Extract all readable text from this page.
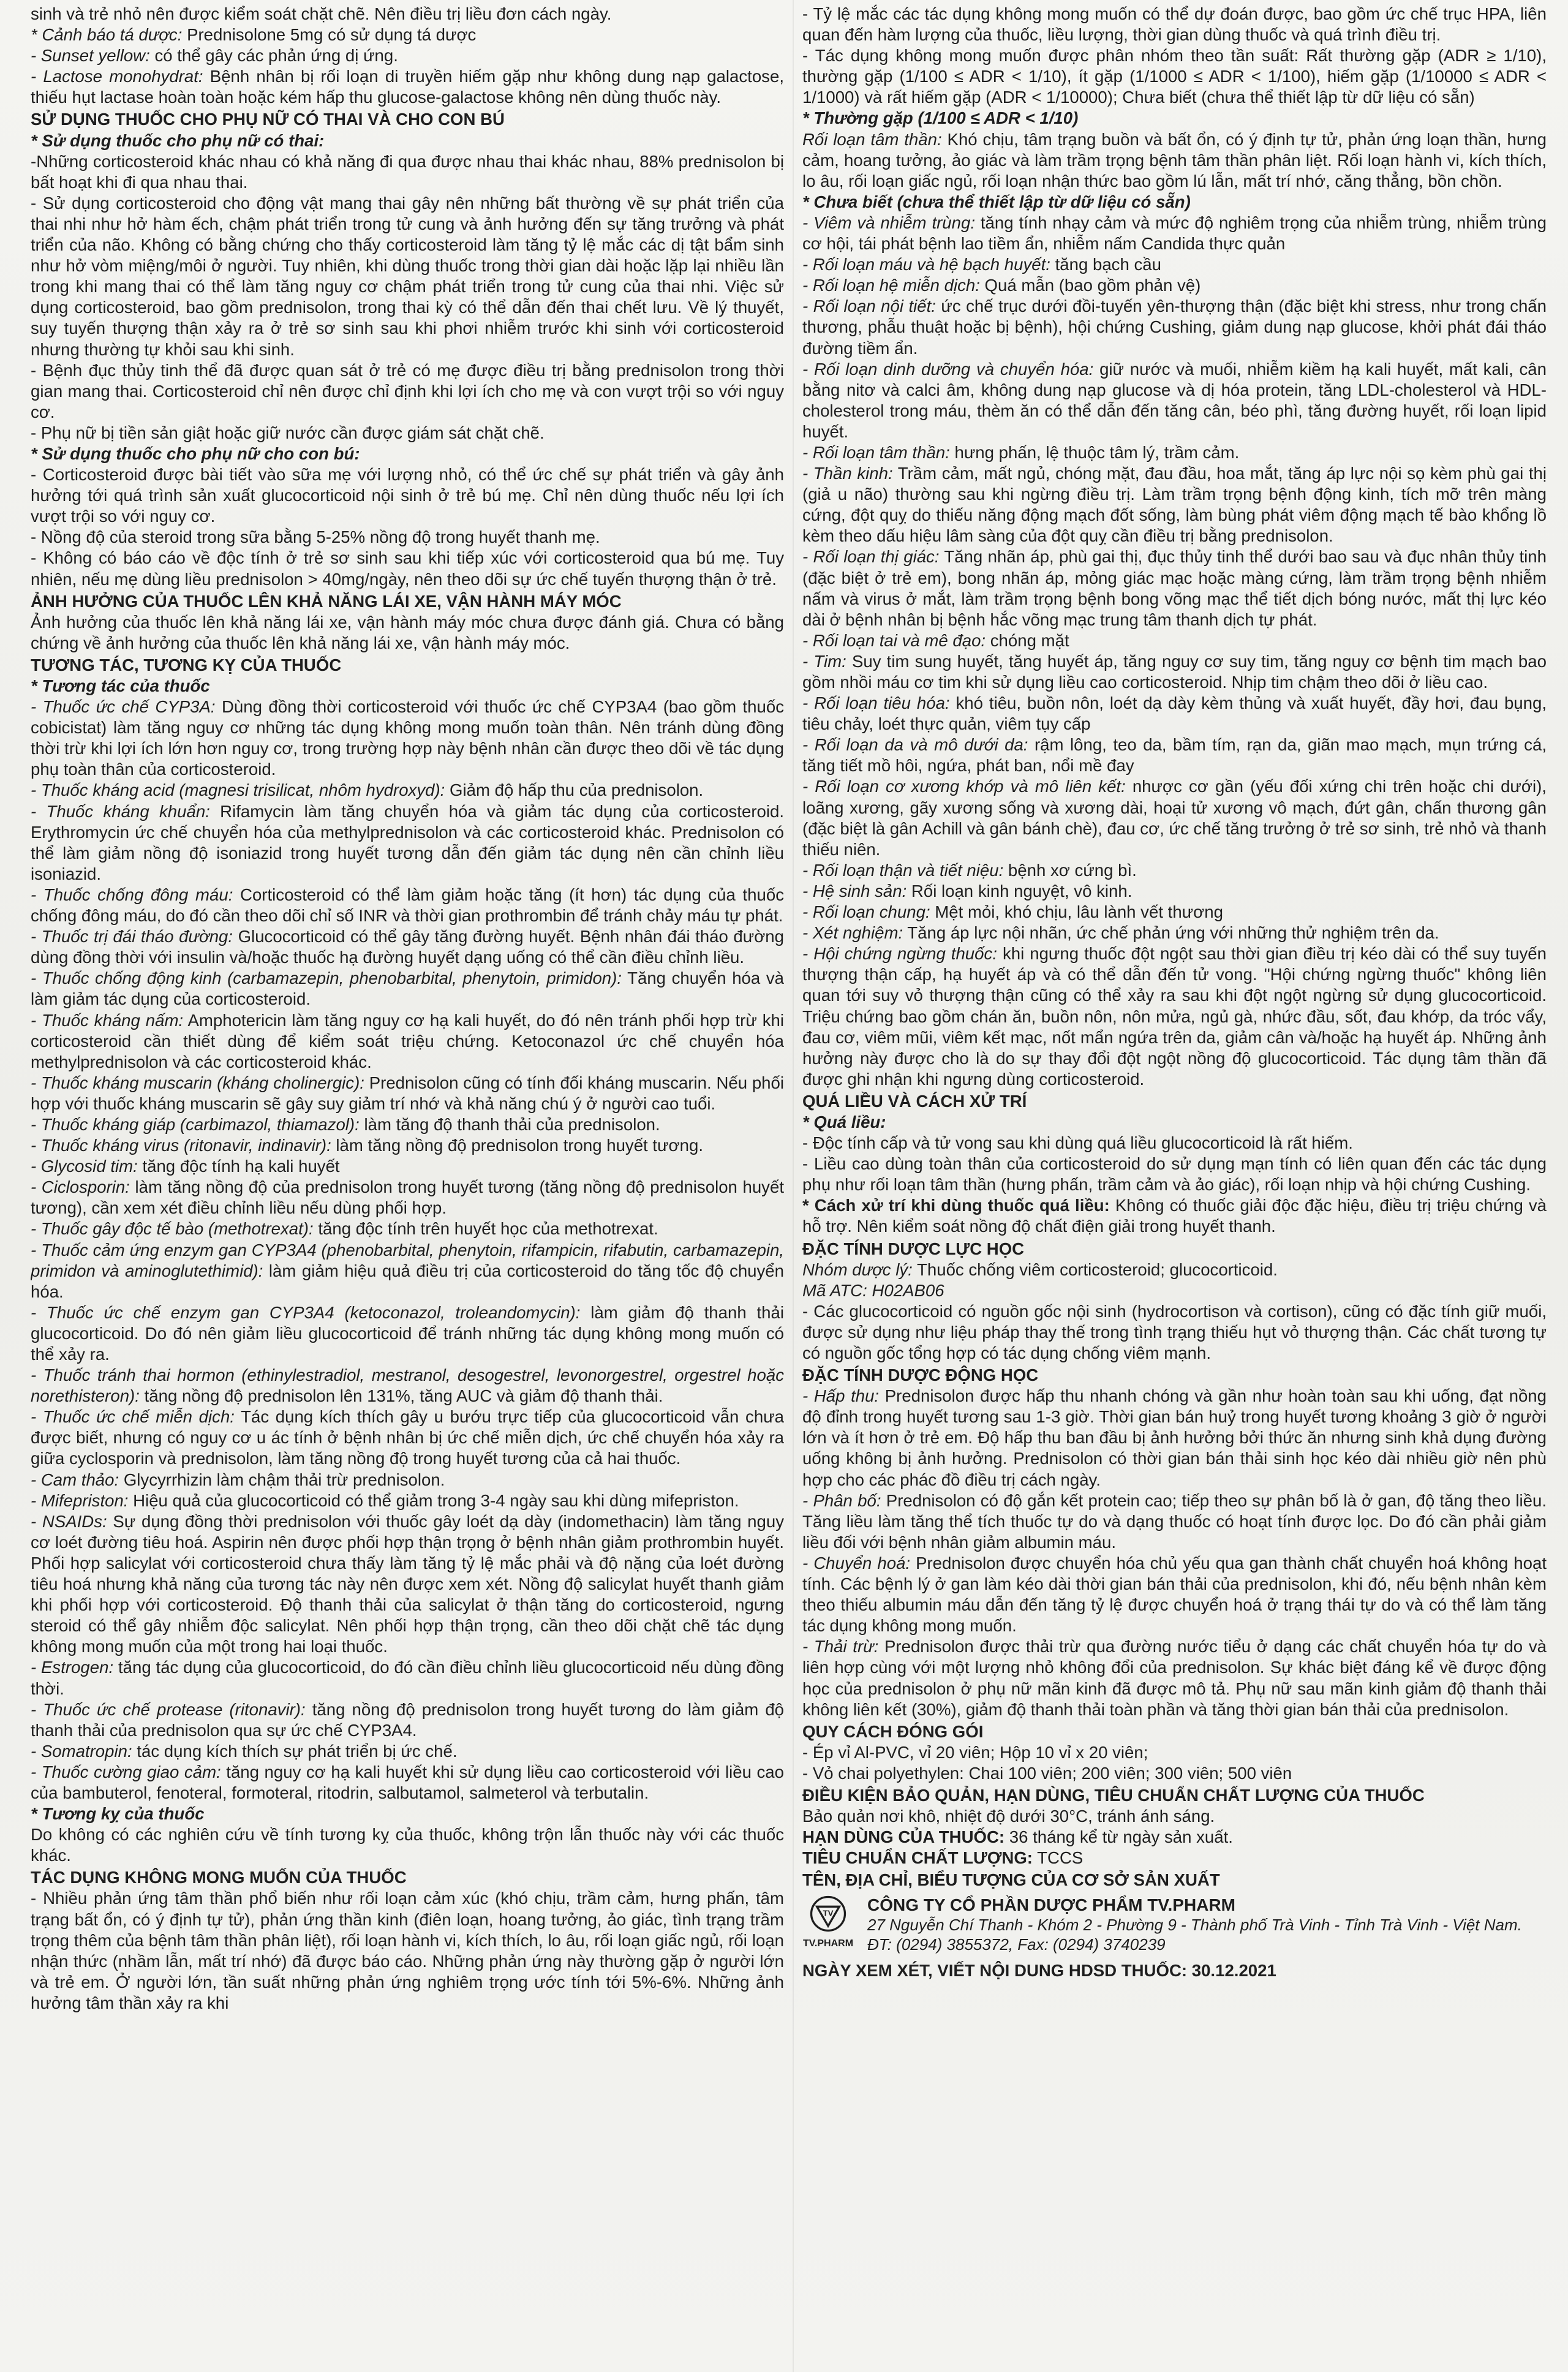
sinh và trẻ nhỏ nên được kiểm soát chặt chẽ. Nên điều trị liều đơn cách ngày.
* Cảnh báo tá dược: Prednisolone 5mg có sử dụng tá dược
- Sunset yellow: có thể gây các phản ứng dị ứng.
- Lactose monohydrat: Bệnh nhân bị rối loạn di truyền hiếm gặp như không dung nạp galactose, thiếu hụt lactase hoàn toàn hoặc kém hấp thu glucose-galactose không nên dùng thuốc này.
SỬ DỤNG THUỐC CHO PHỤ NỮ CÓ THAI VÀ CHO CON BÚ
* Sử dụng thuốc cho phụ nữ có thai:
-Những corticosteroid khác nhau có khả năng đi qua được nhau thai khác nhau, 88% prednisolon bị bất hoạt khi đi qua nhau thai.
- Sử dụng corticosteroid cho động vật mang thai gây nên những bất thường về sự phát triển của thai nhi như hở hàm ếch, chậm phát triển trong tử cung và ảnh hưởng đến sự tăng trưởng và phát triển của não. Không có bằng chứng cho thấy corticosteroid làm tăng tỷ lệ mắc các dị tật bẩm sinh như hở vòm miệng/môi ở người. Tuy nhiên, khi dùng thuốc trong thời gian dài hoặc lặp lại nhiều lần trong khi mang thai có thể làm tăng nguy cơ chậm phát triển trong tử cung của thai nhi. Việc sử dụng corticosteroid, bao gồm prednisolon, trong thai kỳ có thể dẫn đến thai chết lưu. Về lý thuyết, suy tuyến thượng thận xảy ra ở trẻ sơ sinh sau khi phơi nhiễm trước khi sinh với corticosteroid nhưng thường tự khỏi sau khi sinh.
- Bệnh đục thủy tinh thể đã được quan sát ở trẻ có mẹ được điều trị bằng prednisolon trong thời gian mang thai. Corticosteroid chỉ nên được chỉ định khi lợi ích cho mẹ và con vượt trội so với nguy cơ.
- Phụ nữ bị tiền sản giật hoặc giữ nước cần được giám sát chặt chẽ.
* Sử dụng thuốc cho phụ nữ cho con bú:
- Corticosteroid được bài tiết vào sữa mẹ với lượng nhỏ, có thể ức chế sự phát triển và gây ảnh hưởng tới quá trình sản xuất glucocorticoid nội sinh ở trẻ bú mẹ. Chỉ nên dùng thuốc nếu lợi ích vượt trội so với nguy cơ.
- Nồng độ của steroid trong sữa bằng 5-25% nồng độ trong huyết thanh mẹ.
- Không có báo cáo về độc tính ở trẻ sơ sinh sau khi tiếp xúc với corticosteroid qua bú mẹ. Tuy nhiên, nếu mẹ dùng liều prednisolon > 40mg/ngày, nên theo dõi sự ức chế tuyến thượng thận ở trẻ.
ẢNH HƯỞNG CỦA THUỐC LÊN KHẢ NĂNG LÁI XE, VẬN HÀNH MÁY MÓC
Ảnh hưởng của thuốc lên khả năng lái xe, vận hành máy móc chưa được đánh giá. Chưa có bằng chứng về ảnh hưởng của thuốc lên khả năng lái xe, vận hành máy móc.
TƯƠNG TÁC, TƯƠNG KỴ CỦA THUỐC
* Tương tác của thuốc
- Thuốc ức chế CYP3A: Dùng đồng thời corticosteroid với thuốc ức chế CYP3A4 (bao gồm thuốc cobicistat) làm tăng nguy cơ những tác dụng không mong muốn toàn thân. Nên tránh dùng đồng thời trừ khi lợi ích lớn hơn nguy cơ, trong trường hợp này bệnh nhân cần được theo dõi về tác dụng phụ toàn thân của corticosteroid.
- Thuốc kháng acid (magnesi trisilicat, nhôm hydroxyd): Giảm độ hấp thu của prednisolon.
- Thuốc kháng khuẩn: Rifamycin làm tăng chuyển hóa và giảm tác dụng của corticosteroid. Erythromycin ức chế chuyển hóa của methylprednisolon và các corticosteroid khác. Prednisolon có thể làm giảm nồng độ isoniazid trong huyết tương dẫn đến giảm tác dụng nên cần chỉnh liều isoniazid.
- Thuốc chống đông máu: Corticosteroid có thể làm giảm hoặc tăng (ít hơn) tác dụng của thuốc chống đông máu, do đó cần theo dõi chỉ số INR và thời gian prothrombin để tránh chảy máu tự phát.
- Thuốc trị đái tháo đường: Glucocorticoid có thể gây tăng đường huyết. Bệnh nhân đái tháo đường dùng đồng thời với insulin và/hoặc thuốc hạ đường huyết dạng uống có thể cần điều chỉnh liều.
- Thuốc chống động kinh (carbamazepin, phenobarbital, phenytoin, primidon): Tăng chuyển hóa và làm giảm tác dụng của corticosteroid.
- Thuốc kháng nấm: Amphotericin làm tăng nguy cơ hạ kali huyết, do đó nên tránh phối hợp trừ khi corticosteroid cần thiết dùng để kiểm soát triệu chứng. Ketoconazol ức chế chuyển hóa methylprednisolon và các corticosteroid khác.
- Thuốc kháng muscarin (kháng cholinergic): Prednisolon cũng có tính đối kháng muscarin. Nếu phối hợp với thuốc kháng muscarin sẽ gây suy giảm trí nhớ và khả năng chú ý ở người cao tuổi.
- Thuốc kháng giáp (carbimazol, thiamazol): làm tăng độ thanh thải của prednisolon.
- Thuốc kháng virus (ritonavir, indinavir): làm tăng nồng độ prednisolon trong huyết tương.
- Glycosid tim: tăng độc tính hạ kali huyết
- Ciclosporin: làm tăng nồng độ của prednisolon trong huyết tương (tăng nồng độ prednisolon huyết tương), cần xem xét điều chỉnh liều nếu dùng phối hợp.
- Thuốc gây độc tế bào (methotrexat): tăng độc tính trên huyết học của methotrexat.
- Thuốc cảm ứng enzym gan CYP3A4 (phenobarbital, phenytoin, rifampicin, rifabutin, carbamazepin, primidon và aminoglutethimid): làm giảm hiệu quả điều trị của corticosteroid do tăng tốc độ chuyển hóa.
- Thuốc ức chế enzym gan CYP3A4 (ketoconazol, troleandomycin): làm giảm độ thanh thải glucocorticoid. Do đó nên giảm liều glucocorticoid để tránh những tác dụng không mong muốn có thể xảy ra.
- Thuốc tránh thai hormon (ethinylestradiol, mestranol, desogestrel, levonorgestrel, orgestrel hoặc norethisteron): tăng nồng độ prednisolon lên 131%, tăng AUC và giảm độ thanh thải.
- Thuốc ức chế miễn dịch: Tác dụng kích thích gây u bướu trực tiếp của glucocorticoid vẫn chưa được biết, nhưng có nguy cơ u ác tính ở bệnh nhân bị ức chế miễn dịch, ức chế chuyển hóa xảy ra giữa cyclosporin và prednisolon, làm tăng nồng độ trong huyết tương của cả hai thuốc.
- Cam thảo: Glycyrrhizin làm chậm thải trừ prednisolon.
- Mifepriston: Hiệu quả của glucocorticoid có thể giảm trong 3-4 ngày sau khi dùng mifepriston.
- NSAIDs: Sự dụng đồng thời prednisolon với thuốc gây loét dạ dày (indomethacin) làm tăng nguy cơ loét đường tiêu hoá. Aspirin nên được phối hợp thận trọng ở bệnh nhân giảm prothrombin huyết. Phối hợp salicylat với corticosteroid chưa thấy làm tăng tỷ lệ mắc phải và độ nặng của loét đường tiêu hoá nhưng khả năng của tương tác này nên được xem xét. Nồng độ salicylat huyết thanh giảm khi phối hợp với corticosteroid. Độ thanh thải của salicylat ở thận tăng do corticosteroid, ngưng steroid có thể gây nhiễm độc salicylat. Nên phối hợp thận trọng, cần theo dõi chặt chẽ tác dụng không mong muốn của một trong hai loại thuốc.
- Estrogen: tăng tác dụng của glucocorticoid, do đó cần điều chỉnh liều glucocorticoid nếu dùng đồng thời.
- Thuốc ức chế protease (ritonavir): tăng nồng độ prednisolon trong huyết tương do làm giảm độ thanh thải của prednisolon qua sự ức chế CYP3A4.
- Somatropin: tác dụng kích thích sự phát triển bị ức chế.
- Thuốc cường giao cảm: tăng nguy cơ hạ kali huyết khi sử dụng liều cao corticosteroid với liều cao của bambuterol, fenoteral, formoteral, ritodrin, salbutamol, salmeterol và terbutalin.
* Tương kỵ của thuốc
Do không có các nghiên cứu về tính tương kỵ của thuốc, không trộn lẫn thuốc này với các thuốc khác.
TÁC DỤNG KHÔNG MONG MUỐN CỦA THUỐC
- Nhiều phản ứng tâm thần phổ biến như rối loạn cảm xúc (khó chịu, trầm cảm, hưng phấn, tâm trạng bất ổn, có ý định tự tử), phản ứng thần kinh (điên loạn, hoang tưởng, ảo giác, tình trạng trầm trọng thêm của bệnh tâm thần phân liệt), rối loạn hành vi, kích thích, lo âu, rối loạn giấc ngủ, rối loạn nhận thức (nhầm lẫn, mất trí nhớ) đã được báo cáo. Những phản ứng này thường gặp ở người lớn và trẻ em. Ở người lớn, tần suất những phản ứng nghiêm trọng ước tính tới 5%-6%. Những ảnh hưởng tâm thần xảy ra khi
- Tỷ lệ mắc các tác dụng không mong muốn có thể dự đoán được, bao gồm ức chế trục HPA, liên quan đến hàm lượng của thuốc, liều lượng, thời gian dùng thuốc và quá trình điều trị.
- Tác dụng không mong muốn được phân nhóm theo tần suất: Rất thường gặp (ADR ≥ 1/10), thường gặp (1/100 ≤ ADR < 1/10), ít gặp (1/1000 ≤ ADR < 1/100), hiếm gặp (1/10000 ≤ ADR < 1/1000) và rất hiếm gặp (ADR < 1/10000); Chưa biết (chưa thể thiết lập từ dữ liệu có sẵn)
* Thường gặp (1/100 ≤ ADR < 1/10)
Rối loạn tâm thần: Khó chịu, tâm trạng buồn và bất ổn, có ý định tự tử, phản ứng loạn thần, hưng cảm, hoang tưởng, ảo giác và làm trầm trọng bệnh tâm thần phân liệt. Rối loạn hành vi, kích thích, lo âu, rối loạn giấc ngủ, rối loạn nhận thức bao gồm lú lẫn, mất trí nhớ, căng thẳng, bồn chồn.
* Chưa biết (chưa thể thiết lập từ dữ liệu có sẵn)
- Viêm và nhiễm trùng: tăng tính nhạy cảm và mức độ nghiêm trọng của nhiễm trùng, nhiễm trùng cơ hội, tái phát bệnh lao tiềm ẩn, nhiễm nấm Candida thực quản
- Rối loạn máu và hệ bạch huyết: tăng bạch cầu
- Rối loạn hệ miễn dịch: Quá mẫn (bao gồm phản vệ)
- Rối loạn nội tiết: ức chế trục dưới đồi-tuyến yên-thượng thận (đặc biệt khi stress, như trong chấn thương, phẫu thuật hoặc bị bệnh), hội chứng Cushing, giảm dung nạp glucose, khởi phát đái tháo đường tiềm ẩn.
- Rối loạn dinh dưỡng và chuyển hóa: giữ nước và muối, nhiễm kiềm hạ kali huyết, mất kali, cân bằng nitơ và calci âm, không dung nạp glucose và dị hóa protein, tăng LDL-cholesterol và HDL-cholesterol trong máu, thèm ăn có thể dẫn đến tăng cân, béo phì, tăng đường huyết, rối loạn lipid huyết.
- Rối loạn tâm thần: hưng phấn, lệ thuộc tâm lý, trầm cảm.
- Thần kinh: Trầm cảm, mất ngủ, chóng mặt, đau đầu, hoa mắt, tăng áp lực nội sọ kèm phù gai thị (giả u não) thường sau khi ngừng điều trị. Làm trầm trọng bệnh động kinh, tích mỡ trên màng cứng, đột quỵ do thiếu năng động mạch đốt sống, làm bùng phát viêm động mạch tế bào khổng lồ kèm theo dấu hiệu lâm sàng của đột quỵ cần điều trị bằng prednisolon.
- Rối loạn thị giác: Tăng nhãn áp, phù gai thị, đục thủy tinh thể dưới bao sau và đục nhân thủy tinh (đặc biệt ở trẻ em), bong nhãn áp, mỏng giác mạc hoặc màng cứng, làm trầm trọng bệnh nhiễm nấm và virus ở mắt, làm trầm trọng bệnh bong võng mạc thể tiết dịch bóng nước, mất thị lực kéo dài ở bệnh nhân bị bệnh hắc võng mạc trung tâm thanh dịch tự phát.
- Rối loạn tai và mê đạo: chóng mặt
- Tim: Suy tim sung huyết, tăng huyết áp, tăng nguy cơ suy tim, tăng nguy cơ bệnh tim mạch bao gồm nhồi máu cơ tim khi sử dụng liều cao corticosteroid. Nhịp tim chậm theo dõi ở liều cao.
- Rối loạn tiêu hóa: khó tiêu, buồn nôn, loét dạ dày kèm thủng và xuất huyết, đầy hơi, đau bụng, tiêu chảy, loét thực quản, viêm tụy cấp
- Rối loạn da và mô dưới da: rậm lông, teo da, bầm tím, rạn da, giãn mao mạch, mụn trứng cá, tăng tiết mồ hôi, ngứa, phát ban, nổi mề đay
- Rối loạn cơ xương khớp và mô liên kết: nhược cơ gần (yếu đối xứng chi trên hoặc chi dưới), loãng xương, gãy xương sống và xương dài, hoại tử xương vô mạch, đứt gân, chấn thương gân (đặc biệt là gân Achill và gân bánh chè), đau cơ, ức chế tăng trưởng ở trẻ sơ sinh, trẻ nhỏ và thanh thiếu niên.
- Rối loạn thận và tiết niệu: bệnh xơ cứng bì.
- Hệ sinh sản: Rối loạn kinh nguyệt, vô kinh.
- Rối loạn chung: Mệt mỏi, khó chịu, lâu lành vết thương
- Xét nghiệm: Tăng áp lực nội nhãn, ức chế phản ứng với những thử nghiệm trên da.
- Hội chứng ngừng thuốc: khi ngưng thuốc đột ngột sau thời gian điều trị kéo dài có thể suy tuyến thượng thận cấp, hạ huyết áp và có thể dẫn đến tử vong. "Hội chứng ngừng thuốc" không liên quan tới suy vỏ thượng thận cũng có thể xảy ra sau khi đột ngột ngừng sử dụng glucocorticoid. Triệu chứng bao gồm chán ăn, buồn nôn, nôn mửa, ngủ gà, nhức đầu, sốt, đau khớp, da tróc vẩy, đau cơ, viêm mũi, viêm kết mạc, nốt mẩn ngứa trên da, giảm cân và/hoặc hạ huyết áp. Những ảnh hưởng này được cho là do sự thay đổi đột ngột nồng độ glucocorticoid. Tác dụng tâm thần đã được ghi nhận khi ngưng dùng corticosteroid.
QUÁ LIỀU VÀ CÁCH XỬ TRÍ
* Quá liều:
- Độc tính cấp và tử vong sau khi dùng quá liều glucocorticoid là rất hiếm.
- Liều cao dùng toàn thân của corticosteroid do sử dụng mạn tính có liên quan đến các tác dụng phụ như rối loạn tâm thần (hưng phấn, trầm cảm và ảo giác), rối loạn nhịp và hội chứng Cushing.
* Cách xử trí khi dùng thuốc quá liều: Không có thuốc giải độc đặc hiệu, điều trị triệu chứng và hỗ trợ. Nên kiểm soát nồng độ chất điện giải trong huyết thanh.
ĐẶC TÍNH DƯỢC LỰC HỌC
Nhóm dược lý: Thuốc chống viêm corticosteroid; glucocorticoid.
Mã ATC: H02AB06
- Các glucocorticoid có nguồn gốc nội sinh (hydrocortison và cortison), cũng có đặc tính giữ muối, được sử dụng như liệu pháp thay thế trong tình trạng thiếu hụt vỏ thượng thận. Các chất tương tự có nguồn gốc tổng hợp có tác dụng chống viêm mạnh.
ĐẶC TÍNH DƯỢC ĐỘNG HỌC
- Hấp thu: Prednisolon được hấp thu nhanh chóng và gần như hoàn toàn sau khi uống, đạt nồng độ đỉnh trong huyết tương sau 1-3 giờ. Thời gian bán huỷ trong huyết tương khoảng 3 giờ ở người lớn và ít hơn ở trẻ em. Độ hấp thu ban đầu bị ảnh hưởng bởi thức ăn nhưng sinh khả dụng đường uống không bị ảnh hưởng. Prednisolon có thời gian bán thải sinh học kéo dài nhiều giờ nên phù hợp cho các phác đồ điều trị cách ngày.
- Phân bố: Prednisolon có độ gắn kết protein cao; tiếp theo sự phân bố là ở gan, độ tăng theo liều. Tăng liều làm tăng thể tích thuốc tự do và dạng thuốc có hoạt tính được lọc. Do đó cần phải giảm liều đối với bệnh nhân giảm albumin máu.
- Chuyển hoá: Prednisolon được chuyển hóa chủ yếu qua gan thành chất chuyển hoá không hoạt tính. Các bệnh lý ở gan làm kéo dài thời gian bán thải của prednisolon, khi đó, nếu bệnh nhân kèm theo thiếu albumin máu dẫn đến tăng tỷ lệ được chuyển hoá ở trạng thái tự do và có thể làm tăng tác dụng không mong muốn.
- Thải trừ: Prednisolon được thải trừ qua đường nước tiểu ở dạng các chất chuyển hóa tự do và liên hợp cùng với một lượng nhỏ không đổi của prednisolon. Sự khác biệt đáng kể về được động học của prednisolon ở phụ nữ mãn kinh đã được mô tả. Phụ nữ sau mãn kinh giảm độ thanh thải không liên kết (30%), giảm độ thanh thải toàn phần và tăng thời gian bán thải của prednisolon.
QUY CÁCH ĐÓNG GÓI
- Ép vỉ Al-PVC, vỉ 20 viên; Hộp 10 vỉ x 20 viên;
- Vỏ chai polyethylen: Chai 100 viên; 200 viên; 300 viên; 500 viên
ĐIỀU KIỆN BẢO QUẢN, HẠN DÙNG, TIÊU CHUẨN CHẤT LƯỢNG CỦA THUỐC
Bảo quản nơi khô, nhiệt độ dưới 30°C, tránh ánh sáng.
HẠN DÙNG CỦA THUỐC: 36 tháng kể từ ngày sản xuất.
TIÊU CHUẨN CHẤT LƯỢNG: TCCS
TÊN, ĐỊA CHỈ, BIỂU TƯỢNG CỦA CƠ SỞ SẢN XUẤT
TV
TV.PHARM
CÔNG TY CỔ PHẦN DƯỢC PHẨM TV.PHARM
27 Nguyễn Chí Thanh - Khóm 2 - Phường 9 - Thành phố Trà Vinh - Tỉnh Trà Vinh - Việt Nam.
ĐT: (0294) 3855372, Fax: (0294) 3740239
NGÀY XEM XÉT, VIẾT NỘI DUNG HDSD THUỐC: 30.12.2021
